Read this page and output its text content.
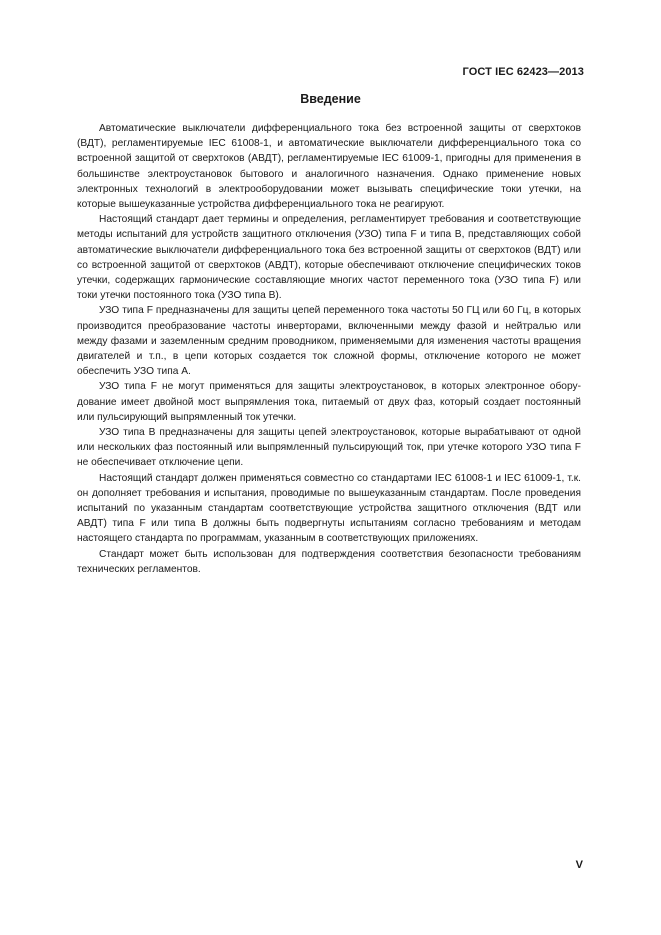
ГОСТ IEC 62423—2013
Введение

Автоматические выключатели дифференциального тока без встроенной защиты от сверхтоков (ВДТ), регламентируемые IEC 61008-1, и автоматические выключатели дифференциального тока со встроенной защитой от сверхтоков (АВДТ), регламентируемые IEC 61009-1, пригодны для применения в большинстве электроустановок бытового и аналогичного назначения. Однако применение новых электронных технологий в электрооборудовании может вызывать специфические токи утечки, на которые вышеуказанные устройства дифференциального тока не реагируют.

Настоящий стандарт дает термины и определения, регламентирует требования и соответствующие методы испытаний для устройств защитного отключения (УЗО) типа F и типа B, представляющих собой автоматические выключатели дифференциального тока без встроенной защиты от сверхтоков (ВДТ) или со встроенной защитой от сверхтоков (АВДТ), которые обеспечивают отключение специфических токов утечки, содержащих гармонические составляющие многих частот переменного тока (УЗО типа F) или токи утечки постоянного тока (УЗО типа B).

УЗО типа F предназначены для защиты цепей переменного тока частоты 50 ГЦ или 60 Гц, в которых производится преобразование частоты инверторами, включенными между фазой и нейтралью или между фазами и заземленным средним проводником, применяемыми для изменения частоты вращения двигателей и т.п., в цепи которых создается ток сложной формы, отключение которого не может обеспечить УЗО типа А.

УЗО типа F не могут применяться для защиты электроустановок, в которых электронное оборудование имеет двойной мост выпрямления тока, питаемый от двух фаз, который создает постоянный или пульсирующий выпрямленный ток утечки.

УЗО типа B предназначены для защиты цепей электроустановок, которые вырабатывают от одной или нескольких фаз постоянный или выпрямленный пульсирующий ток, при утечке которого УЗО типа F не обеспечивает отключение цепи.

Настоящий стандарт должен применяться совместно со стандартами IEC 61008-1 и IEC 61009-1, т.к. он дополняет требования и испытания, проводимые по вышеуказанным стандартам. После проведения испытаний по указанным стандартам соответствующие устройства защитного отключения (ВДТ или АВДТ) типа F или типа B должны быть подвергнуты испытаниям согласно требованиям и методам настоящего стандарта по программам, указанным в соответствующих приложениях.

Стандарт может быть использован для подтверждения соответствия безопасности требованиям технических регламентов.

V
